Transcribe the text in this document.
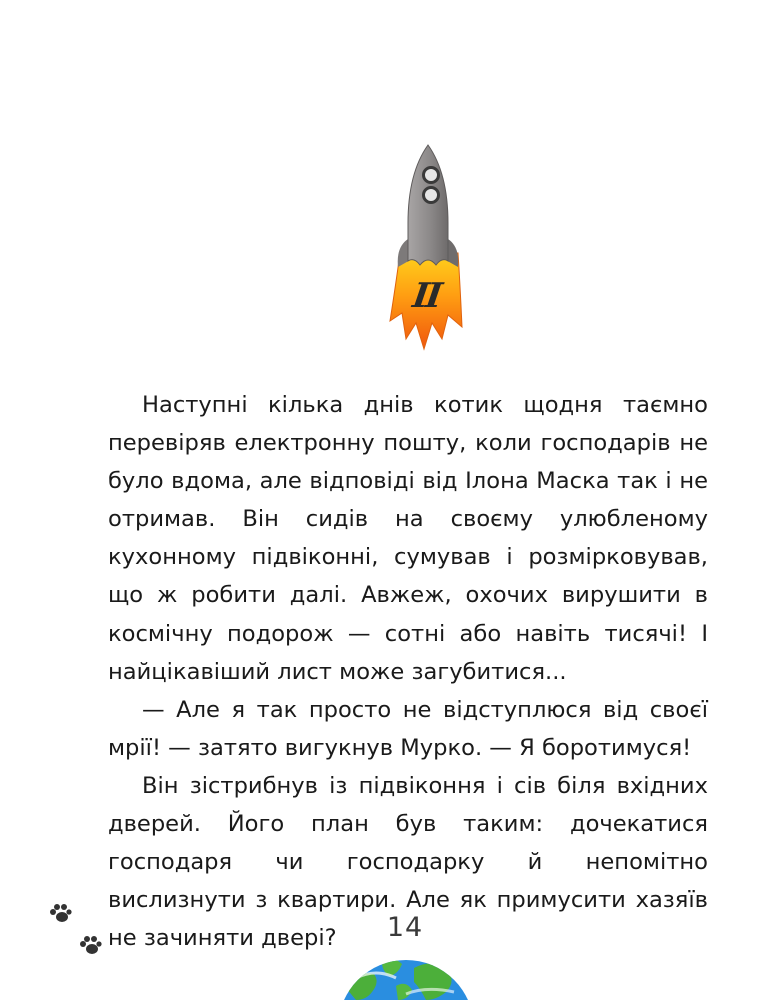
II

Наступні кілька днів котик щодня таємно перевіряв електронну пошту, коли господарів не було вдома, але відповіді від Ілона Маска так і не отримав. Він сидів на своєму улюбленому кухонному підвіконні, сумував і розмірковував, що ж робити далі. Авжеж, охочих вирушити в космічну подорож — сотні або навіть тисячі! І найцікавіший лист може загубитися...

— Але я так просто не відступлюся від своєї мрії! — затято вигукнув Мурко. — Я боротимуся!

Він зістрибнув із підвіконня і сів біля вхідних дверей. Його план був таким: дочекатися господаря чи господарку й непомітно вислизнути з квартири. Але як примусити хазяїв не зачиняти двері?	14
